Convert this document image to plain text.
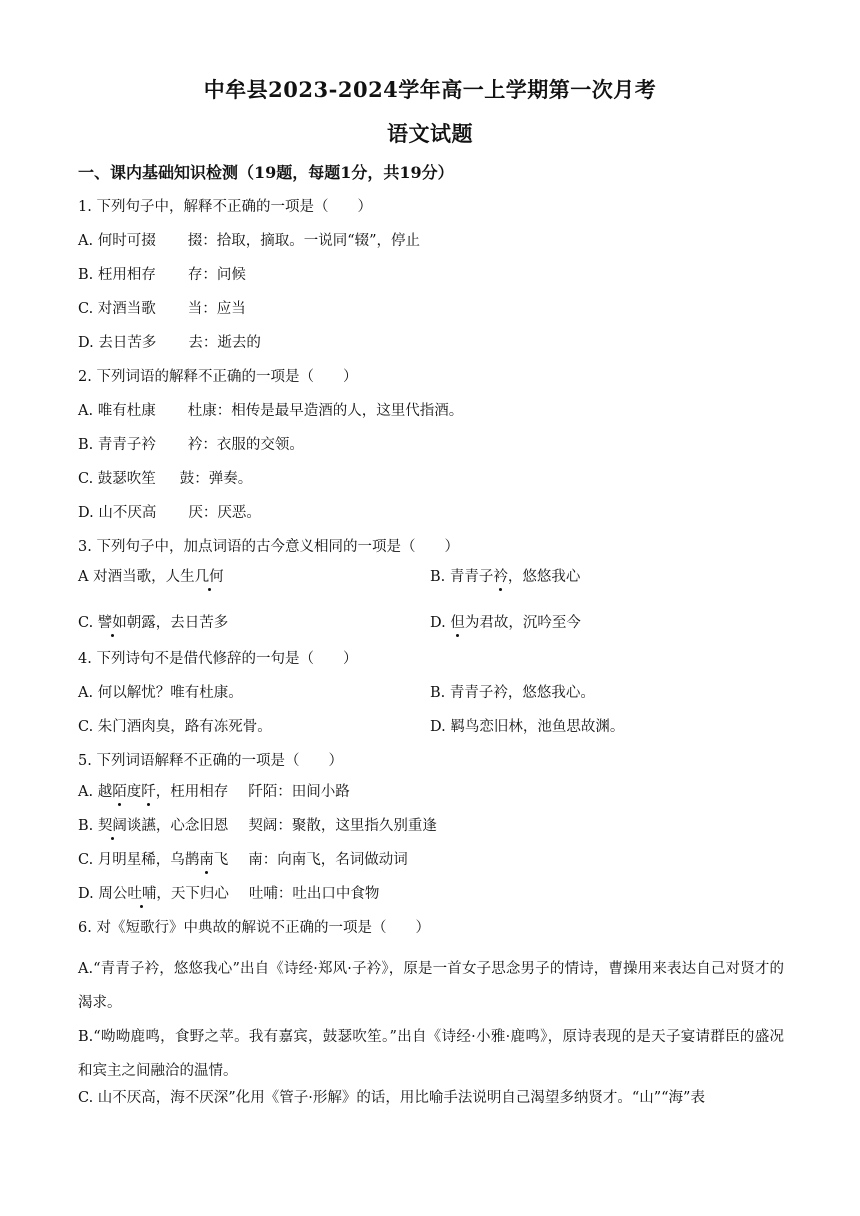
中牟县2023-2024学年高一上学期第一次月考
语文试题
一、课内基础知识检测（19题，每题1分，共19分）
1. 下列句子中，解释不正确的一项是（　　）
A. 何时可掇 掇：拾取，摘取。一说同“辍”，停止
B. 枉用相存 存：问候
C. 对酒当歌 当：应当
D. 去日苦多 去：逝去的
2. 下列词语的解释不正确的一项是（　　）
A. 唯有杜康 杜康：相传是最早造酒的人，这里代指酒。
B. 青青子衿 衿：衣服的交领。
C. 鼓瑟吹笙 鼓：弹奏。
D. 山不厌高 厌：厌恶。
3. 下列句子中，加点词语的古今意义相同的一项是（　　）
A 对酒当歌，人生几何	B. 青青子衿，悠悠我心
C. 譬如朝露，去日苦多	D. 但为君故，沉吟至今
4. 下列诗句不是借代修辞的一句是（　　）
A. 何以解忧？唯有杜康。	B. 青青子衿，悠悠我心。
C. 朱门酒肉臭，路有冻死骨。	D. 羁鸟恋旧林，池鱼思故渊。
5. 下列词语解释不正确的一项是（　　）
A. 越陌度阡，枉用相存 阡陌：田间小路
B. 契阔谈讌，心念旧恩 契阔：聚散，这里指久别重逢
C. 月明星稀，乌鹊南飞 南：向南飞，名词做动词
D. 周公吐哺，天下归心 吐哺：吐出口中食物
6. 对《短歌行》中典故的解说不正确的一项是（　　）
A.“青青子衿，悠悠我心”出自《诗经·郑风·子衿》，原是一首女子思念男子的情诗，曹操用来表达自己对贤才的渴求。
B.“呦呦鹿鸣，食野之苹。我有嘉宾，鼓瑟吹笙。”出自《诗经·小雅·鹿鸣》，原诗表现的是天子宴请群臣的盛况和宾主之间融洽的温情。
C. 山不厌高，海不厌深”化用《管子·形解》的话，用比喻手法说明自己渴望多纳贤才。“山”“海”表
